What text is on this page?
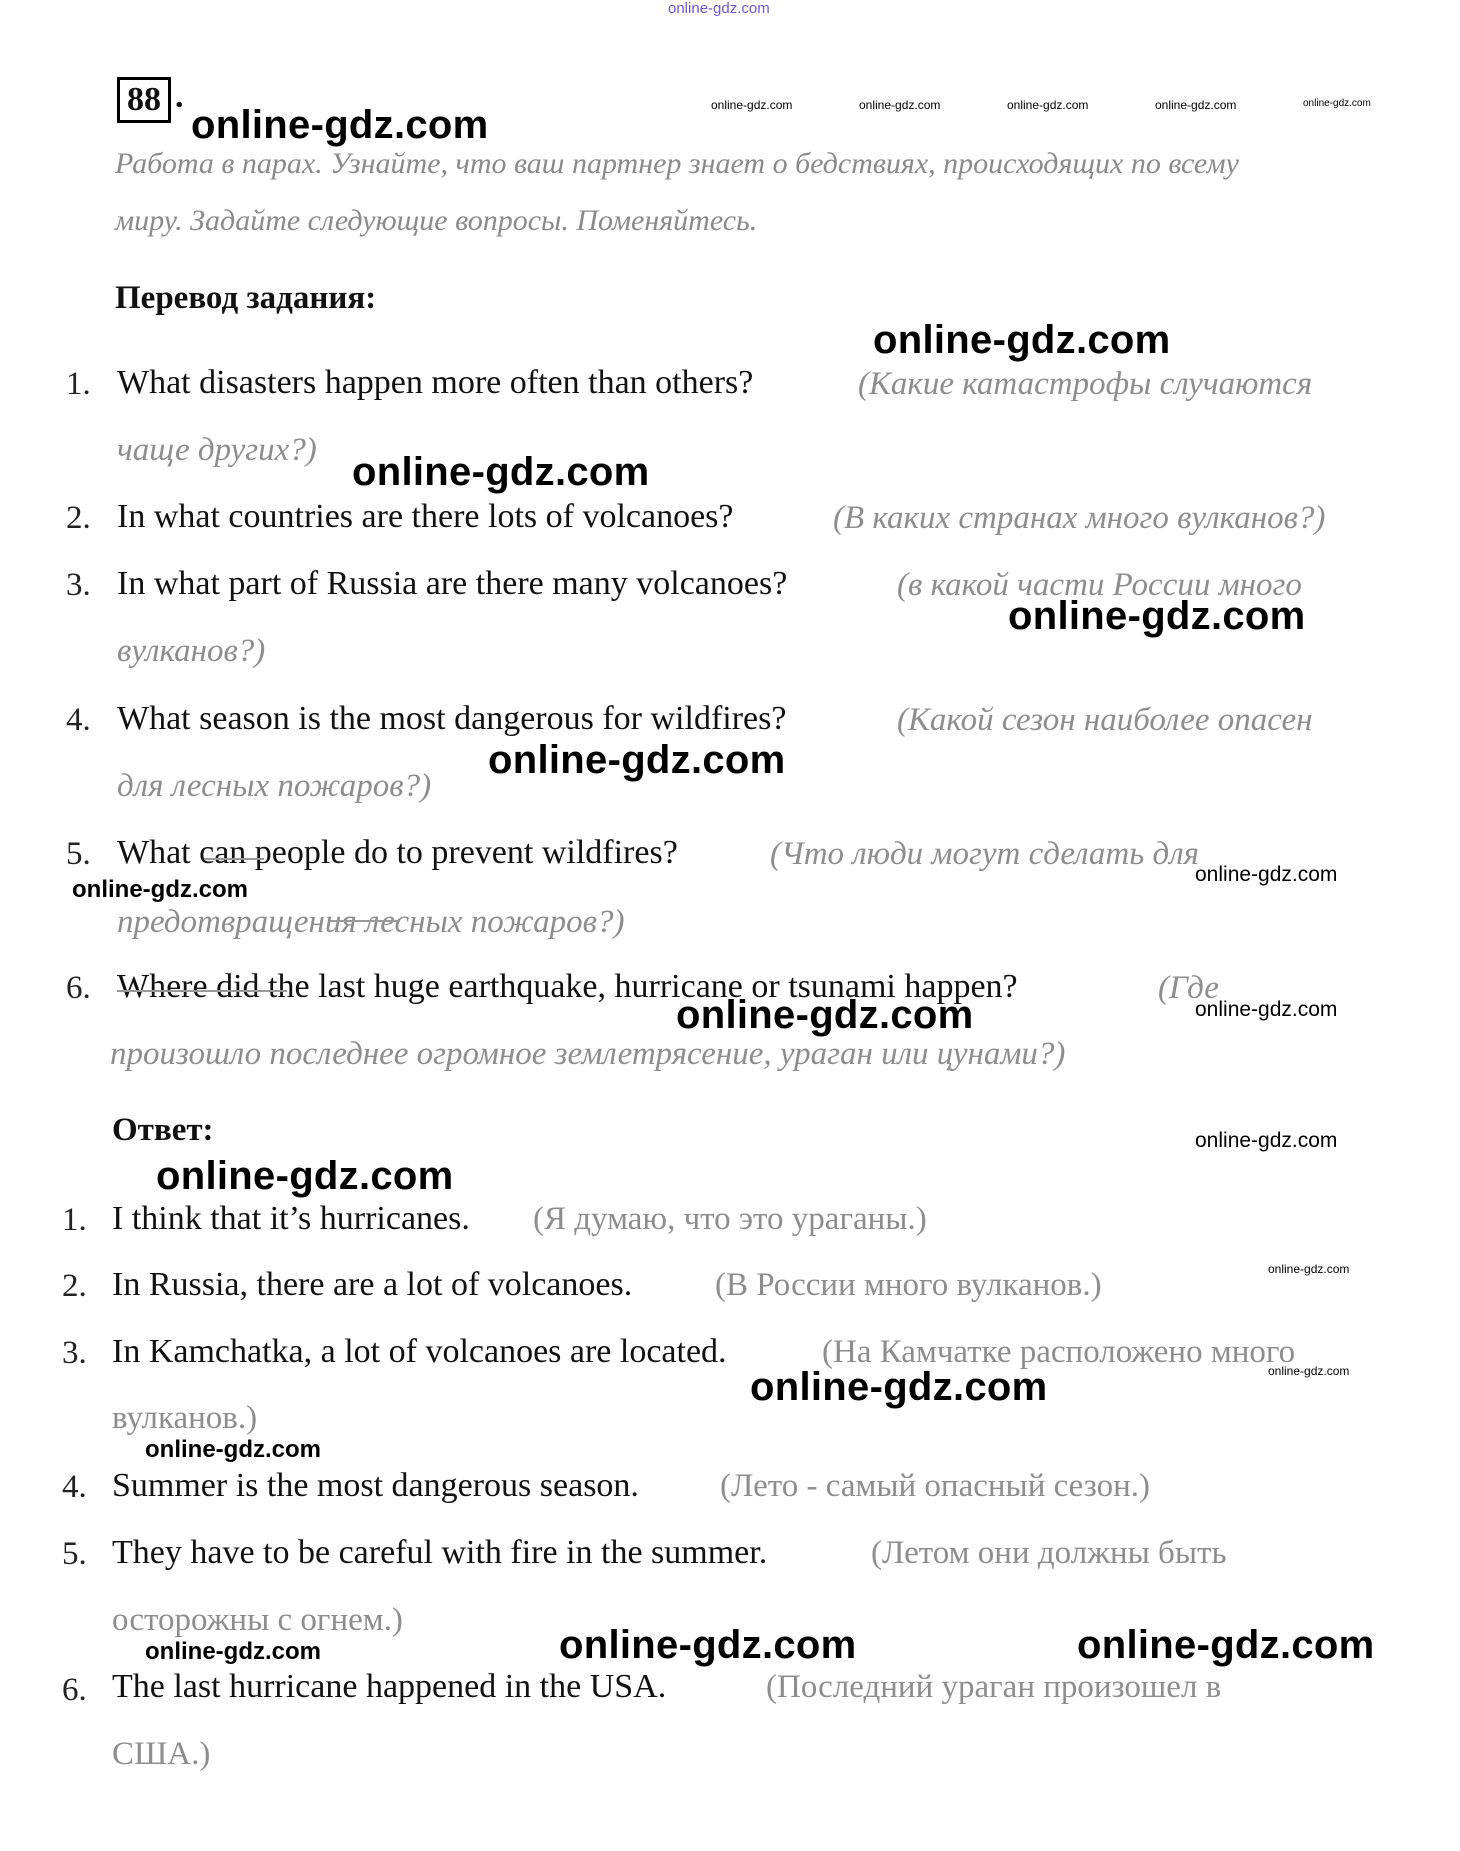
online-gdz.com
88 .	online-gdz.com	online-gdz.com	online-gdz.com	online-gdz.com	online-gdz.com
online-gdz.com
Работа в парах. Узнайте, что ваш партнер знает о бедствиях, происходящих по всему
миру. Задайте следующие вопросы. Поменяйтесь.
Перевод задания:
online-gdz.com
1. What disasters happen more often than others?	(Какие катастрофы случаются
чаще других?) online-gdz.com
2. In what countries are there lots of volcanoes?	(В каких странах много вулканов?)
3. In what part of Russia are there many volcanoes?	(в какой части России много
online-gdz.com
вулканов?)
4. What season is the most dangerous for wildfires?	(Какой сезон наиболее опасен
online-gdz.com
для лесных пожаров?)
5. What can people do to prevent wildfires?	(Что люди могут сделать для
online-gdz.com
online-gdz.com
предотвращения лесных пожаров?)
6. Where did the last huge earthquake, hurricane or tsunami happen?	(Где
online-gdz.com	online-gdz.com
произошло последнее огромное землетрясение, ураган или цунами?)
Ответ:	online-gdz.com
online-gdz.com
1. I think that it’s hurricanes. (Я думаю, что это ураганы.)
2. In Russia, there are a lot of volcanoes.	(В России много вулканов.)	online-gdz.com
3. In Kamchatka, a lot of volcanoes are located.	(На Камчатке расположено много
online-gdz.com
online-gdz.com
вулканов.)
online-gdz.com
4. Summer is the most dangerous season. (Лето - самый опасный сезон.)
5. They have to be careful with fire in the summer.	(Летом они должны быть
осторожны с огнем.)
online-gdz.com	online-gdz.com	online-gdz.com
6. The last hurricane happened in the USA.	(Последний ураган произошел в
США.)
